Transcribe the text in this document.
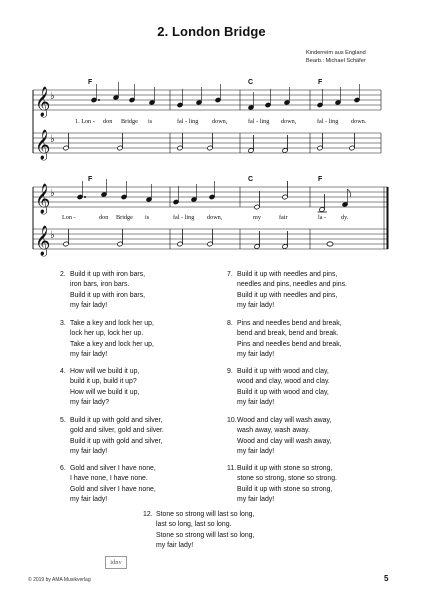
2. London Bridge
Kinderreim aus England
Bearb.: Michael Schäfer
𝄞
𝄞
𝄞
𝄞
♭
♭
♭
♭
F	C	F
F	C	F
1. Lon - don Bridge is	fal - ling down,	fal - ling down,	fal - ling down.
Lon -	don Bridge is	fal - ling down,	my	fair	la - dy.
2. Build it up with iron bars,
iron bars, iron bars.
Build it up with iron bars,
my fair lady!
3. Take a key and lock her up,
lock her up, lock her up.
Take a key and lock her up,
my fair lady!
4. How will we build it up,
build it up, build it up?
How will we build it up,
my fair lady?
5. Build it up with gold and silver,
gold and silver, gold and silver.
Build it up with gold and silver,
my fair lady!
6. Gold and silver I have none,
I have none, I have none.
Gold and silver I have none,
my fair lady!
7. Build it up with needles and pins,
needles and pins, needles and pins.
Build it up with needles and pins,
my fair lady!
8. Pins and needles bend and break,
bend and break, bend and break.
Pins and needles bend and break,
my fair lady!
9. Build it up with wood and clay,
wood and clay, wood and clay.
Build it up with wood and clay,
my fair lady!
10. Wood and clay will wash away,
wash away, wash away.
Wood and clay will wash away,
my fair lady!
11. Build it up with stone so strong,
stone so strong, stone so strong.
Build it up with stone so strong,
my fair lady!
12. Stone so strong will last so long,
last so long, last so long.
Stone so strong will last so long,
my fair lady!
idnv
© 2019 by AMA Musikverlag	5
